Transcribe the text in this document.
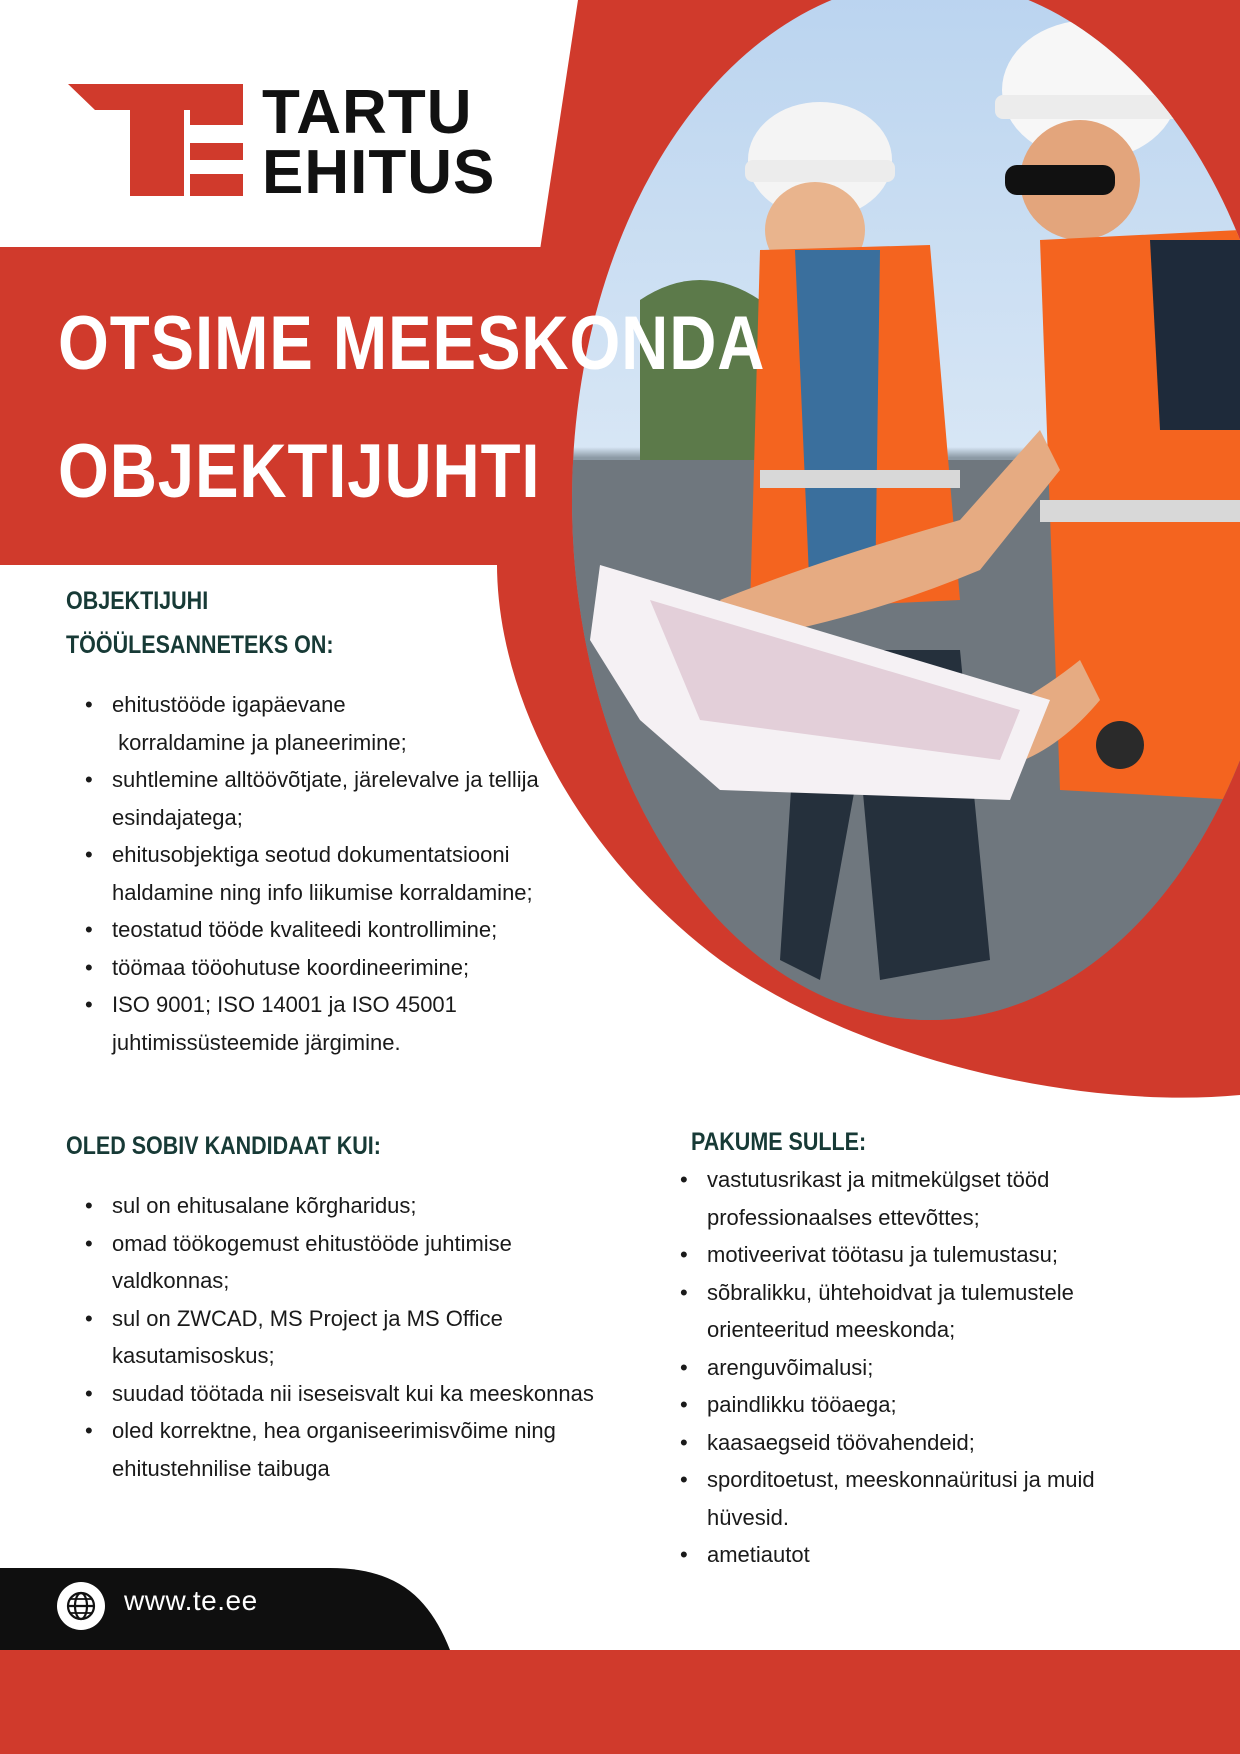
TARTU
EHITUS
OTSIME MEESKONDA
OBJEKTIJUHTI
OBJEKTIJUHI
TÖÖÜLESANNETEKS ON:
• ehitustööde igapäevane
korraldamine ja planeerimine;
• suhtlemine alltöövõtjate, järelevalve ja tellija
esindajatega;
• ehitusobjektiga seotud dokumentatsiooni
haldamine ning info liikumise korraldamine;
• teostatud tööde kvaliteedi kontrollimine;
• töömaa tööohutuse koordineerimine;
• ISO 9001; ISO 14001 ja ISO 45001
juhtimissüsteemide järgimine.
OLED SOBIV KANDIDAAT KUI:
• sul on ehitusalane kõrgharidus;
• omad töökogemust ehitustööde juhtimise
valdkonnas;
• sul on ZWCAD, MS Project ja MS Office
kasutamisoskus;
• suudad töötada nii iseseisvalt kui ka meeskonnas
• oled korrektne, hea organiseerimisvõime ning
ehitustehnilise taibuga
PAKUME SULLE:
• vastutusrikast ja mitmekülgset tööd
professionaalses ettevõttes;
• motiveerivat töötasu ja tulemustasu;
• sõbralikku, ühtehoidvat ja tulemustele
orienteeritud meeskonda;
• arenguvõimalusi;
• paindlikku tööaega;
• kaasaegseid töövahendeid;
• sporditoetust, meeskonnaüritusi ja muid
hüvesid.
• ametiautot
www.te.ee
